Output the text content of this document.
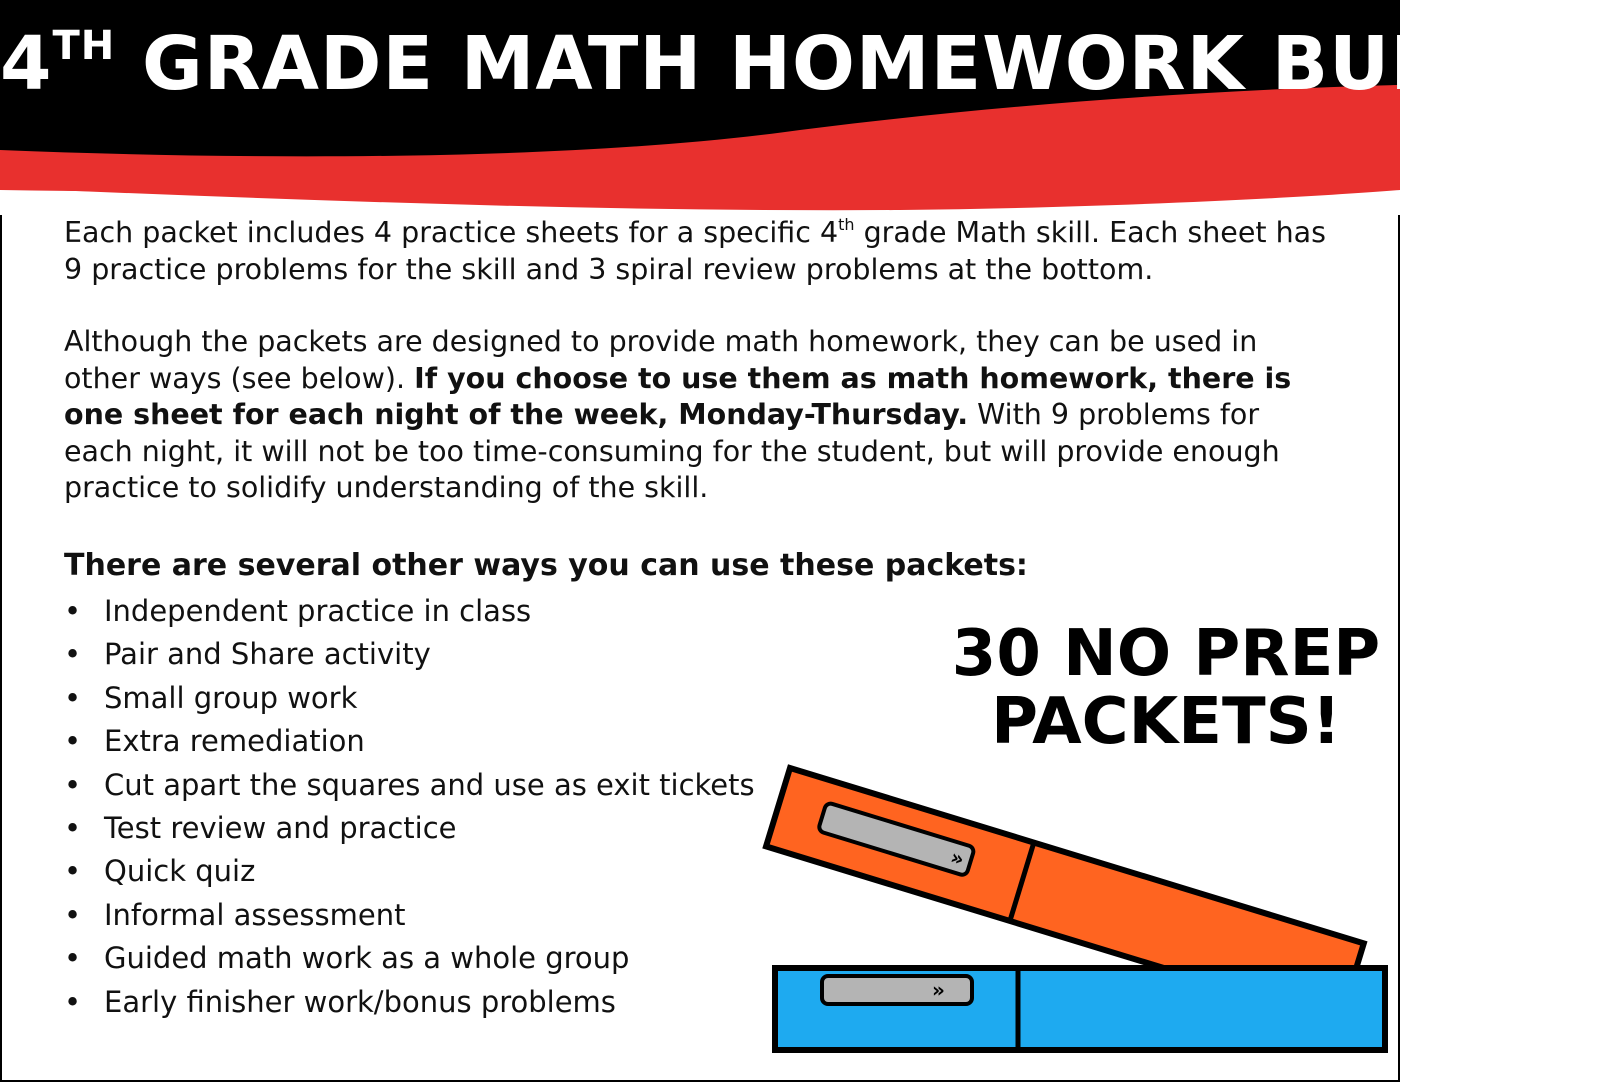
4TH GRADE MATH HOMEWORK BUNDLE

Each packet includes 4 practice sheets for a specific 4th grade Math skill. Each sheet has 9 practice problems for the skill and 3 spiral review problems at the bottom.

Although the packets are designed to provide math homework, they can be used in other ways (see below). If you choose to use them as math homework, there is one sheet for each night of the week, Monday-Thursday. With 9 problems for each night, it will not be too time-consuming for the student, but will provide enough practice to solidify understanding of the skill.

There are several other ways you can use these packets:
• Independent practice in class
• Pair and Share activity
• Small group work
• Extra remediation
• Cut apart the squares and use as exit tickets
• Test review and practice
• Quick quiz
• Informal assessment
• Guided math work as a whole group
• Early finisher work/bonus problems
30 NO PREP
PACKETS!
»
»
